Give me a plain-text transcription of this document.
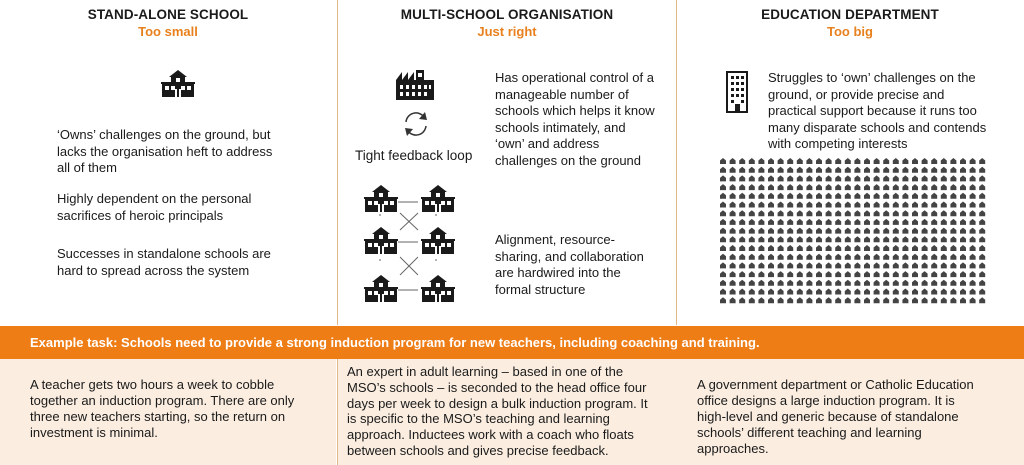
STAND-ALONE SCHOOL
Too small
‘Owns’ challenges on the ground, but lacks the organisation heft to address all of them
Highly dependent on the personal sacrifices of heroic principals
Successes in standalone schools are hard to spread across the system
MULTI-SCHOOL ORGANISATION
Just right
Tight feedback loop
Has operational control of a manageable number of schools which helps it know schools intimately, and ‘own’ and address challenges on the ground
Alignment, resource-sharing, and collaboration are hardwired into the formal structure
EDUCATION DEPARTMENT
Too big
Struggles to ‘own’ challenges on the ground, or provide precise and practical support because it runs too many disparate schools and contends with competing interests
Example task: Schools need to provide a strong induction program for new teachers, including coaching and training.
A teacher gets two hours a week to cobble together an induction program. There are only three new teachers starting, so the return on investment is minimal.
An expert in adult learning – based in one of the MSO’s schools – is seconded to the head office four days per week to design a bulk induction program. It is specific to the MSO’s teaching and learning approach. Inductees work with a coach who floats between schools and gives precise feedback.
A government department or Catholic Education office designs a large induction program. It is high-level and generic because of standalone schools’ different teaching and learning approaches.
